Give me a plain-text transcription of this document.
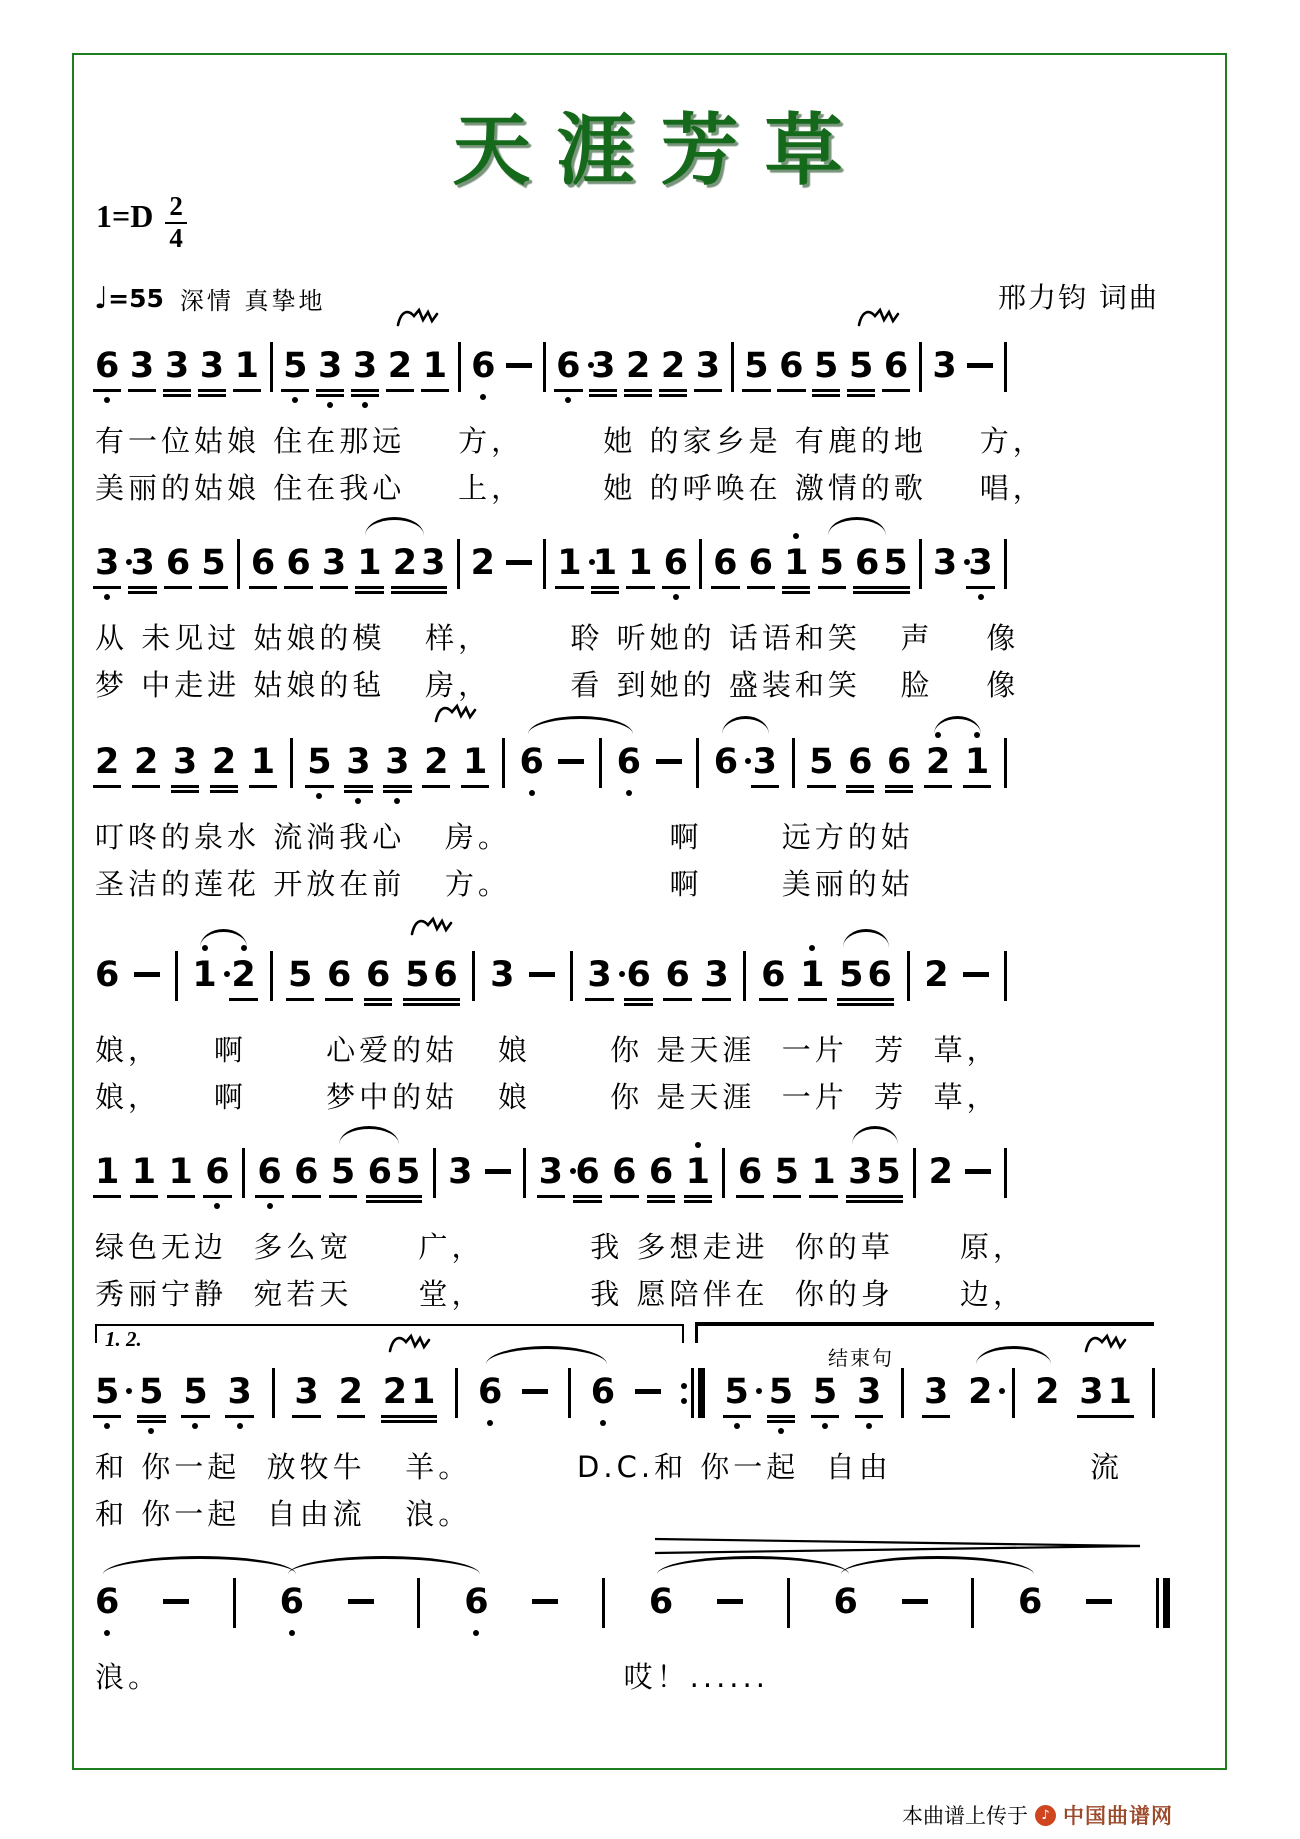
天涯芳草
$1=D \frac{2}{4}$
♩ =55 深情 真挚地	邢力钧 词曲
6 3 3 3 1 5 3 3 2 1 6 6 3 2 2 3 5 6 5 5 6 3
有一位姑娘 住在那远    方，      她 的家乡是 有鹿的地    方，
美丽的姑娘 住在我心    上，      她 的呼唤在 激情的歌    唱，
3 3 6 5 6 6 3 1 2 3 2 1 1 1 6 6 6 1 5 6 5 3 3
从 未见过 姑娘的模   样，      聆 听她的 话语和笑   声    像
梦 中走进 姑娘的毡   房，      看 到她的 盛装和笑   脸    像
2 2 3 2 1 5 3 3 2 1 6 6 6 3 5 6 6 2 1
叮咚的泉水 流淌我心   房。            啊      远方的姑
圣洁的莲花 开放在前   方。            啊      美丽的姑
6 1 2 5 6 6 5 6 3 3 6 6 3 6 1 5 6 2
娘，    啊      心爱的姑   娘      你 是天涯  一片  芳  草，
娘，    啊      梦中的姑   娘      你 是天涯  一片  芳  草，
1 1 1 6 6 6 5 6 5 3 3 6 6 6 1 6 5 1 3 5 2
绿色无边  多么宽     广，        我 多想走进  你的草     原，
秀丽宁静  宛若天     堂，        我 愿陪伴在  你的身     边，
5 5 5 3 3 2 2 1 6	6	5 5 5 3 3 2 2 3 1
1. 2.
结束句
和 你一起  放牧牛   羊。        D.C.和 你一起  自由               流
和 你一起  自由流   浪。
6	6	6	6	6	6
浪。                                   哎！......
本曲谱上传于 ♪ 中国曲谱网
